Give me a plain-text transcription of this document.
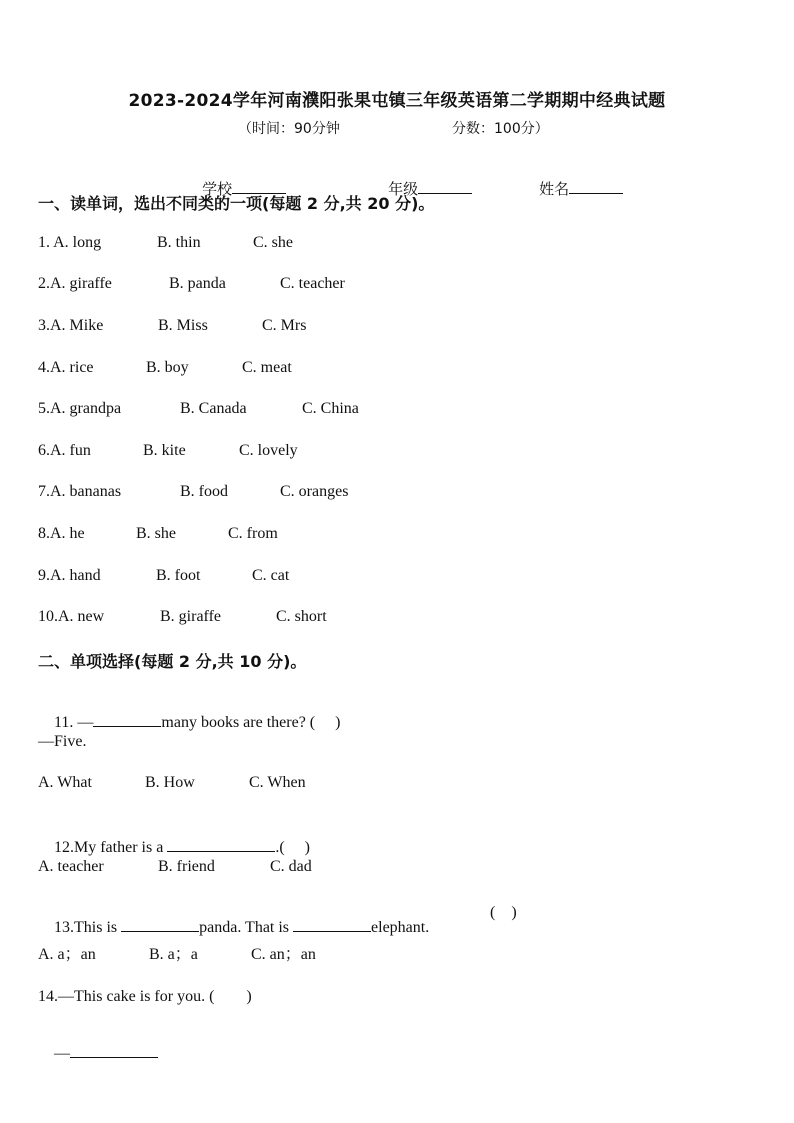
2023-2024学年河南濮阳张果屯镇三年级英语第二学期期中经典试题
（时间：90分钟	分数：100分）

学校
	年级
	姓名

一、读单词，选出不同类的一项(每题 2 分,共 20 分)。

1. A. long

	B. thin

	C. she

2.A. giraffe

	B. panda

	C. teacher

3.A. Mike

	B. Miss

	C. Mrs

4.A. rice

	B. boy

	C. meat

5.A. grandpa

	B. Canada

	C. China

6.A. fun

	B. kite

	C. lovely

7.A. bananas

	B. food

	C. oranges

8.A. he

	B. she

	C. from

9.A. hand

	B. foot

	C. cat

10.A. new

	B. giraffe

	C. short

二、单项选择(每题 2 分,共 10 分)。

11. —	many books are there? (　 )

—Five.

A. What

	B. How

	C. When

12.My father is a	.(　 )

A. teacher

	B. friend

	C. dad

13.This is	panda. That is	elephant.

(　)

A. a；an

	B. a；a

	C. an；an

14.—This cake is for you. (　　)

—
